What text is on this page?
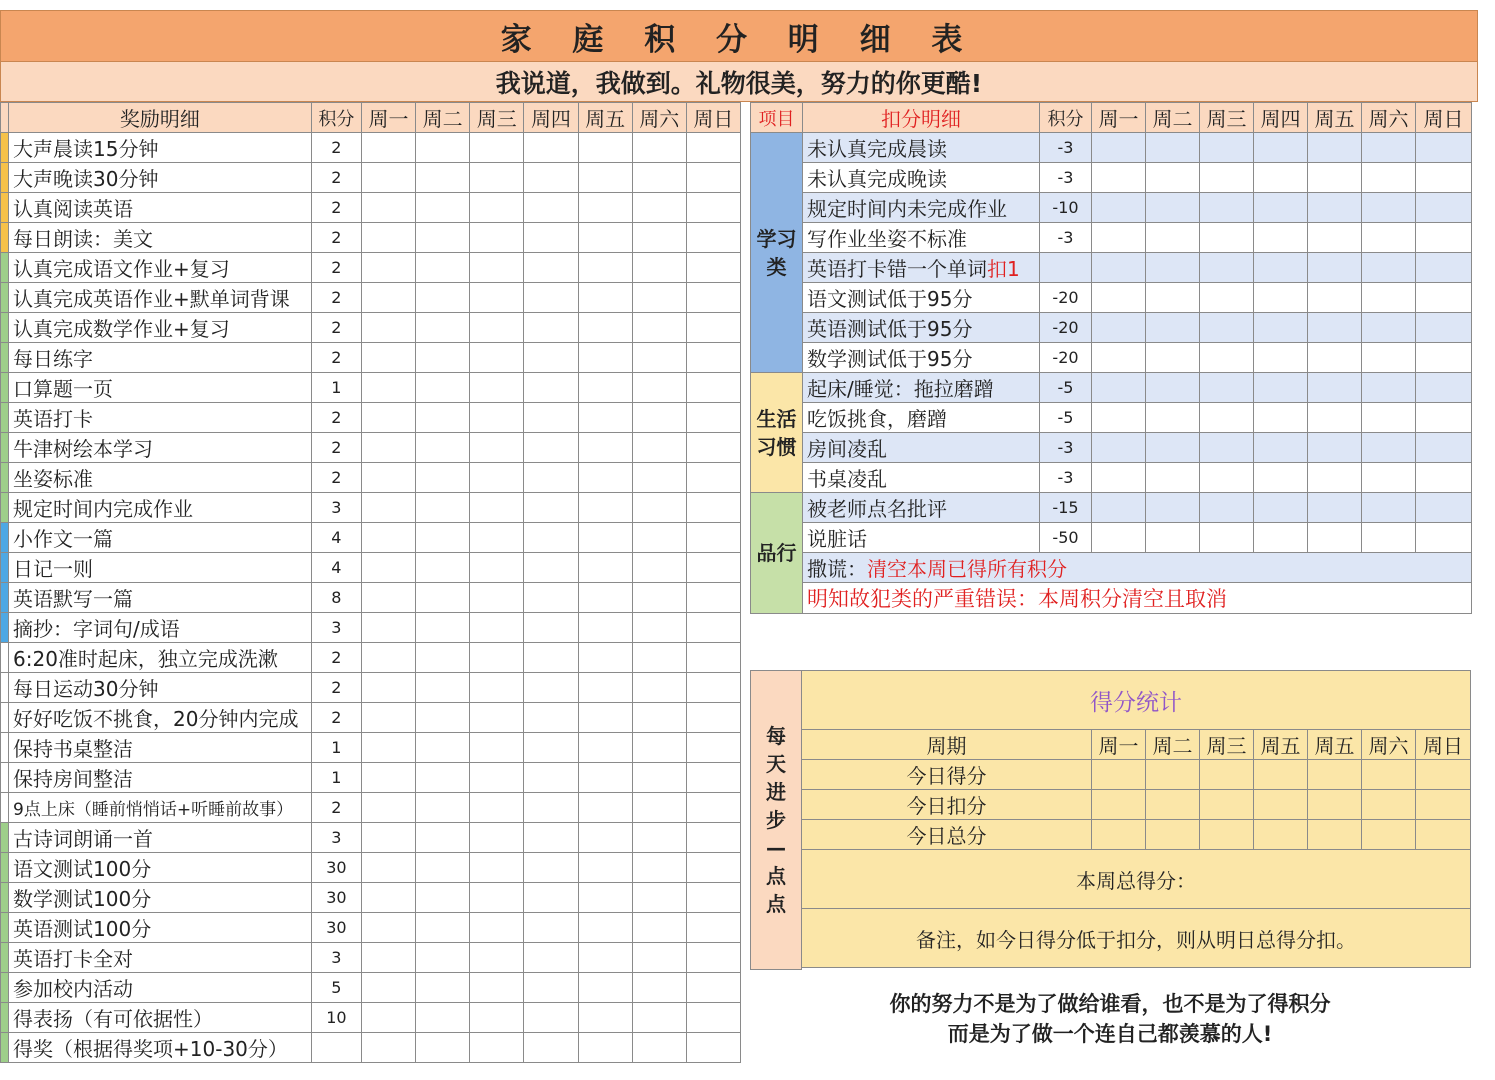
家 庭 积 分 明 细 表
我说道，我做到。礼物很美，努力的你更酷!
	奖励明细	积分	周一	周二	周三	周四	周五	周六	周日
	大声晨读15分钟	2							
	大声晚读30分钟	2							
	认真阅读英语	2							
	每日朗读：美文	2							
	认真完成语文作业+复习	2							
	认真完成英语作业+默单词背课	2							
	认真完成数学作业+复习	2							
	每日练字	2							
	口算题一页	1							
	英语打卡	2							
	牛津树绘本学习	2							
	坐姿标准	2							
	规定时间内完成作业	3							
	小作文一篇	4							
	日记一则	4							
	英语默写一篇	8							
	摘抄：字词句/成语	3							
	6:20准时起床，独立完成洗漱	2							
	每日运动30分钟	2							
	好好吃饭不挑食，20分钟内完成	2							
	保持书桌整洁	1							
	保持房间整洁	1							
	9点上床（睡前悄悄话+听睡前故事）	2							
	古诗词朗诵一首	3							
	语文测试100分	30							
	数学测试100分	30							
	英语测试100分	30							
	英语打卡全对	3							
	参加校内活动	5							
	得表扬（有可依据性）	10							
	得奖（根据得奖项+10-30分）								
项目	扣分明细	积分	周一	周二	周三	周四	周五	周六	周日
学习类	未认真完成晨读	-3							
	未认真完成晚读	-3							
	规定时间内未完成作业	-10							
	写作业坐姿不标准	-3							
	英语打卡错一个单词扣1								
	语文测试低于95分	-20							
	英语测试低于95分	-20							
	数学测试低于95分	-20							
生活习惯	起床/睡觉：拖拉磨蹭	-5							
	吃饭挑食，磨蹭	-5							
	房间凌乱	-3							
	书桌凌乱	-3							
品行	被老师点名批评	-15							
	说脏话	-50							
	撒谎：清空本周已得所有积分								
	明知故犯类的严重错误：本周积分清空且取消								
每
天
进
步
—
点
点
得分统计							
周期	周一	周二	周三	周五	周五	周六	周日
今日得分							
今日扣分							
今日总分							
本周总得分：							
备注，如今日得分低于扣分，则从明日总得分扣。							
你的努力不是为了做给谁看，也不是为了得积分
而是为了做一个连自己都羡慕的人!
